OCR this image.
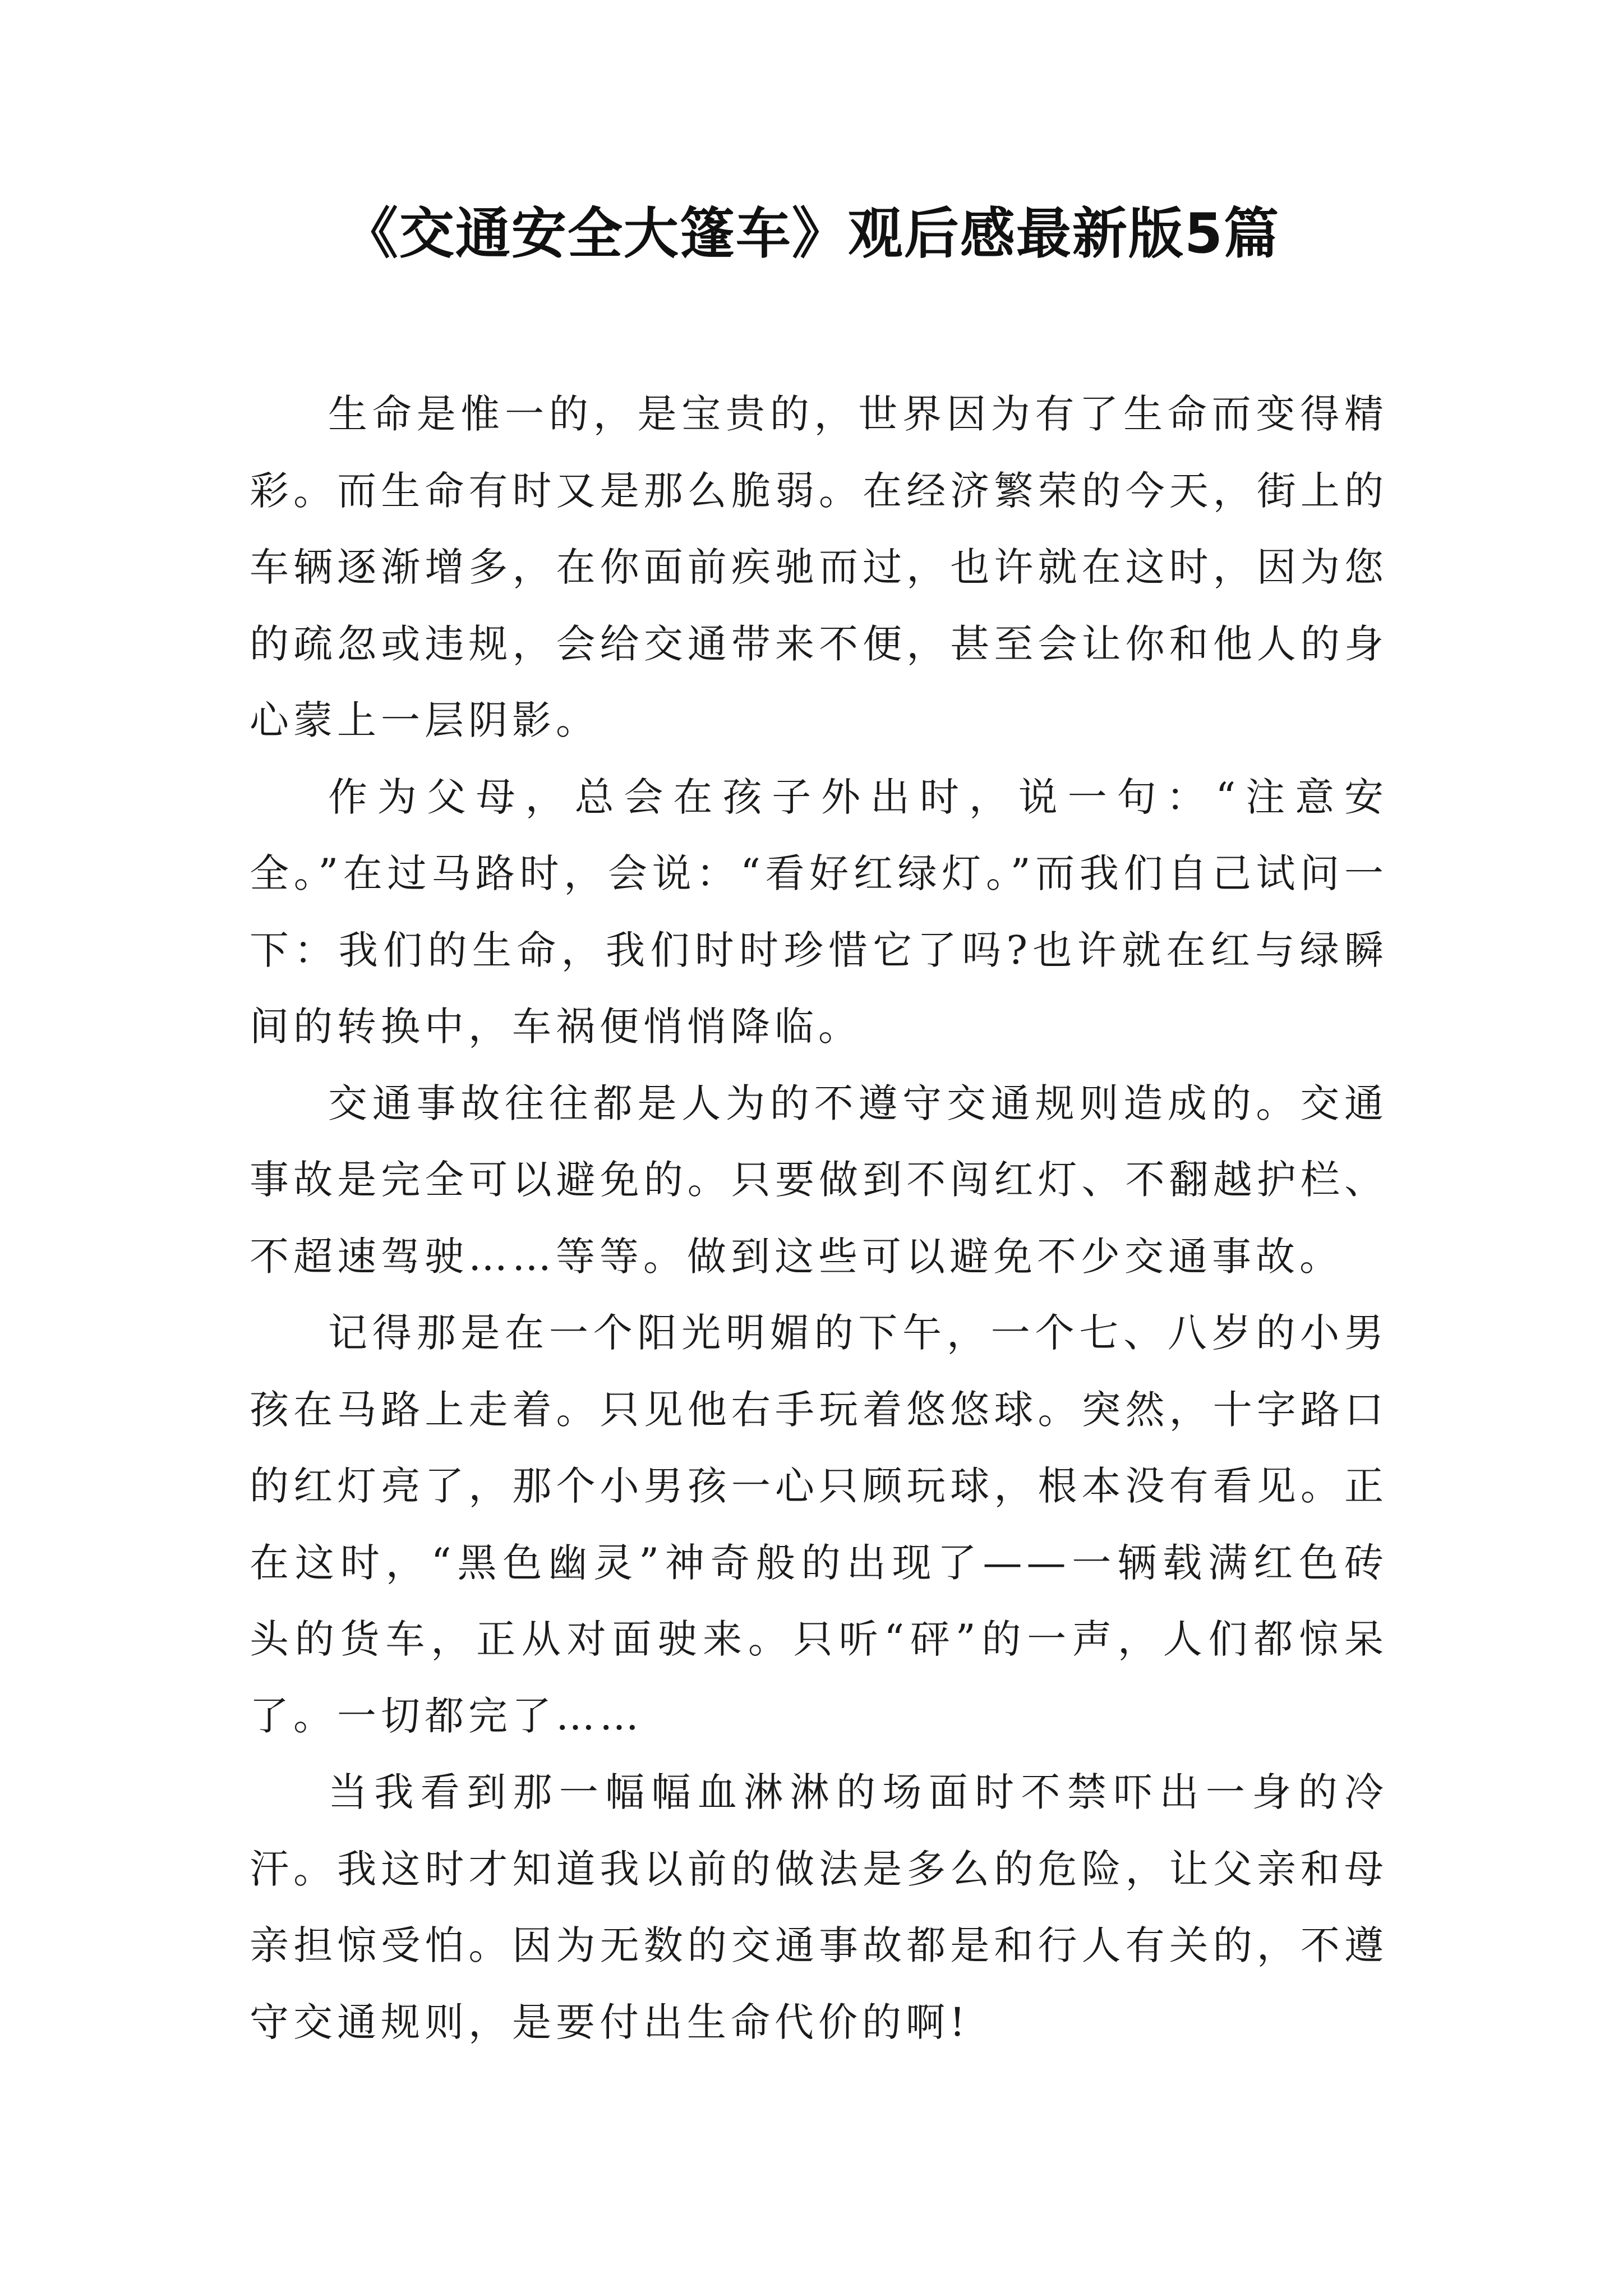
《交通安全大篷车》观后感最新版5篇

生命是惟一的，是宝贵的，世界因为有了生命而变得精彩。而生命有时又是那么脆弱。在经济繁荣的今天，街上的车辆逐渐增多，在你面前疾驰而过，也许就在这时，因为您的疏忽或违规，会给交通带来不便，甚至会让你和他人的身心蒙上一层阴影。

作为父母，总会在孩子外出时，说一句：“注意安全。”在过马路时，会说：“看好红绿灯。”而我们自己试问一下：我们的生命，我们时时珍惜它了吗?也许就在红与绿瞬间的转换中，车祸便悄悄降临。

交通事故往往都是人为的不遵守交通规则造成的。交通事故是完全可以避免的。只要做到不闯红灯、不翻越护栏、不超速驾驶……等等。做到这些可以避免不少交通事故。

记得那是在一个阳光明媚的下午，一个七、八岁的小男孩在马路上走着。只见他右手玩着悠悠球。突然，十字路口的红灯亮了，那个小男孩一心只顾玩球，根本没有看见。正在这时，“黑色幽灵”神奇般的出现了——一辆载满红色砖头的货车，正从对面驶来。只听“砰”的一声，人们都惊呆了。一切都完了……

当我看到那一幅幅血淋淋的场面时不禁吓出一身的冷汗。我这时才知道我以前的做法是多么的危险，让父亲和母亲担惊受怕。因为无数的交通事故都是和行人有关的，不遵守交通规则，是要付出生命代价的啊!
